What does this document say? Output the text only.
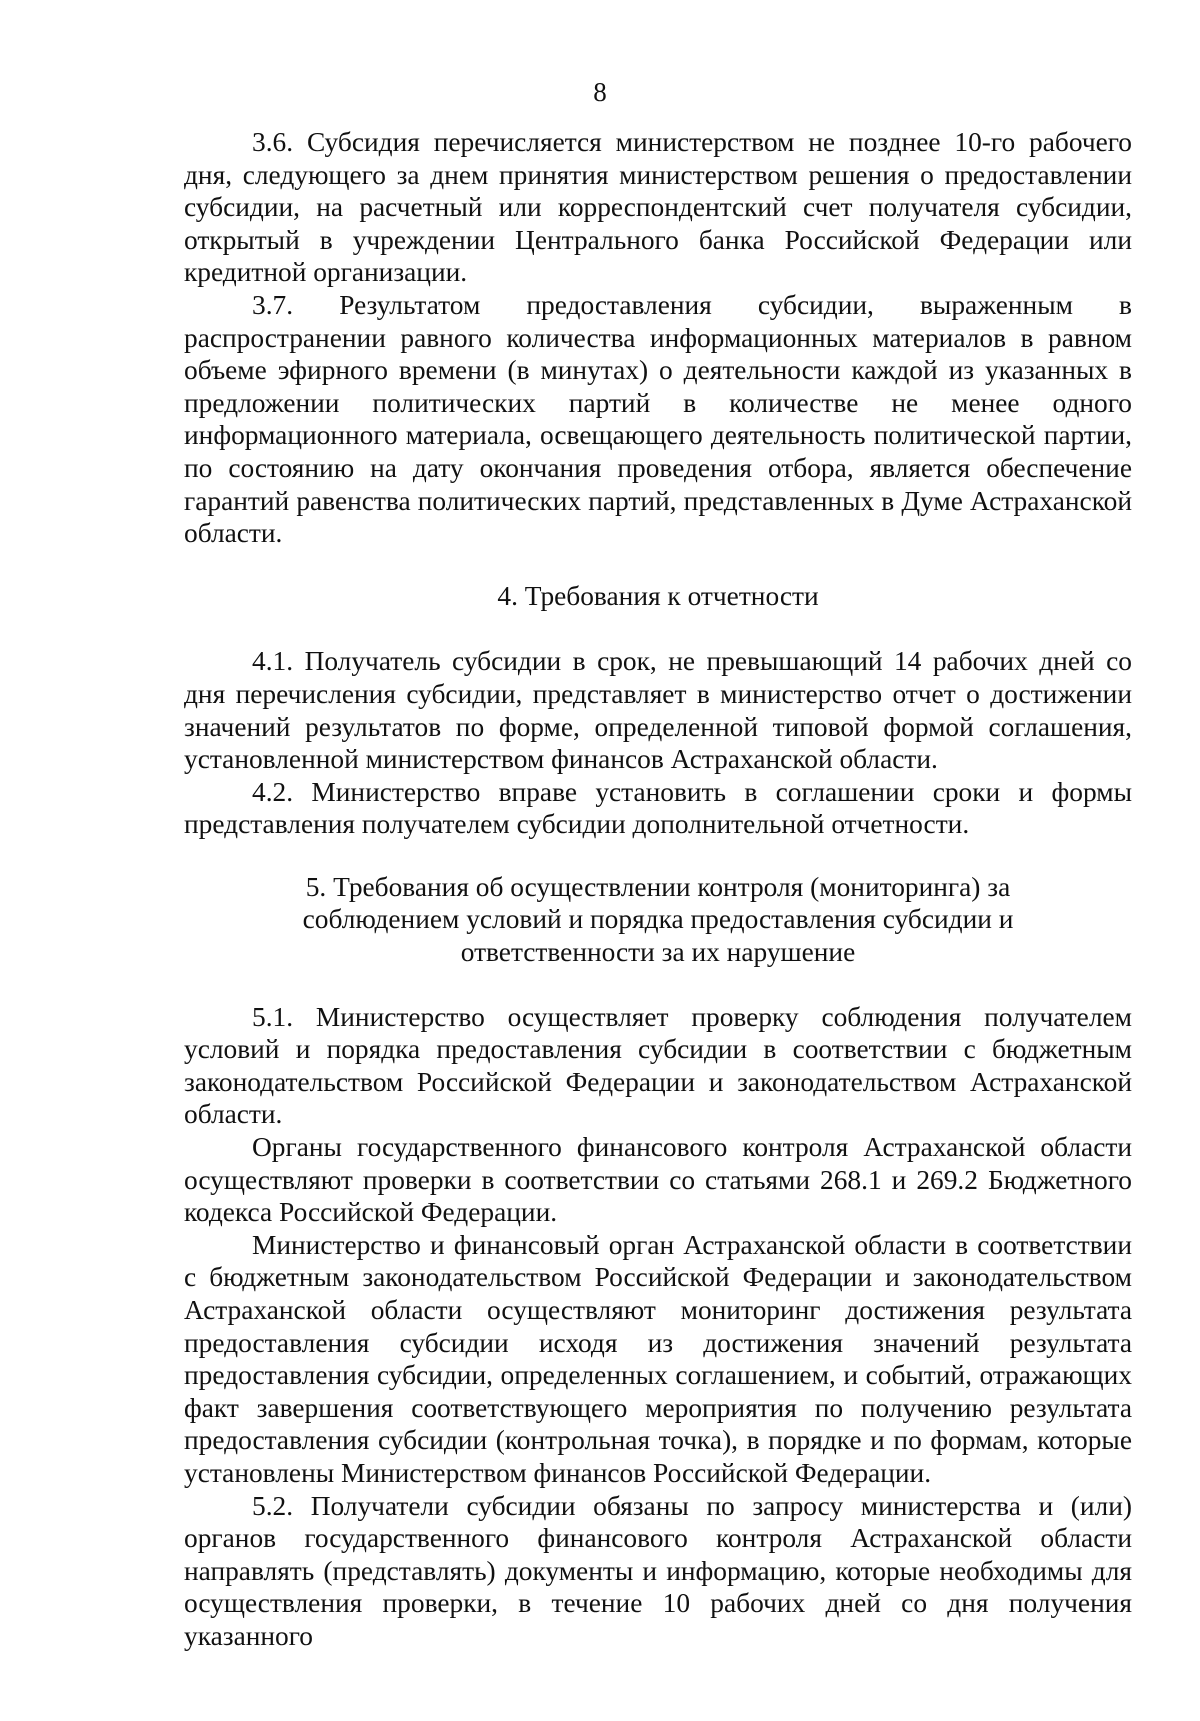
8

3.6. Субсидия перечисляется министерством не позднее 10-го рабочего дня, следующего за днем принятия министерством решения о предоставлении субсидии, на расчетный или корреспондентский счет получателя субсидии, открытый в учреждении Центрального банка Российской Федерации или кредитной организации.

3.7. Результатом предоставления субсидии, выраженным в распространении равного количества информационных материалов в равном объеме эфирного времени (в минутах) о деятельности каждой из указанных в предложении политических партий в количестве не менее одного информационного материала, освещающего деятельность политической партии, по состоянию на дату окончания проведения отбора, является обеспечение гарантий равенства политических партий, представленных в Думе Астраханской области.

4. Требования к отчетности

4.1. Получатель субсидии в срок, не превышающий 14 рабочих дней со дня перечисления субсидии, представляет в министерство отчет о достижении значений результатов по форме, определенной типовой формой соглашения, установленной министерством финансов Астраханской области.

4.2. Министерство вправе установить в соглашении сроки и формы представления получателем субсидии дополнительной отчетности.

5. Требования об осуществлении контроля (мониторинга) за соблюдением условий и порядка предоставления субсидии и ответственности за их нарушение

5.1. Министерство осуществляет проверку соблюдения получателем условий и порядка предоставления субсидии в соответствии с бюджетным законодательством Российской Федерации и законодательством Астраханской области.

Органы государственного финансового контроля Астраханской области осуществляют проверки в соответствии со статьями 268.1 и 269.2 Бюджетного кодекса Российской Федерации.

Министерство и финансовый орган Астраханской области в соответствии с бюджетным законодательством Российской Федерации и законодательством Астраханской области осуществляют мониторинг достижения результата предоставления субсидии исходя из достижения значений результата предоставления субсидии, определенных соглашением, и событий, отражающих факт завершения соответствующего мероприятия по получению результата предоставления субсидии (контрольная точка), в порядке и по формам, которые установлены Министерством финансов Российской Федерации.

5.2. Получатели субсидии обязаны по запросу министерства и (или) органов государственного финансового контроля Астраханской области направлять (представлять) документы и информацию, которые необходимы для осуществления проверки, в течение 10 рабочих дней со дня получения указанного
